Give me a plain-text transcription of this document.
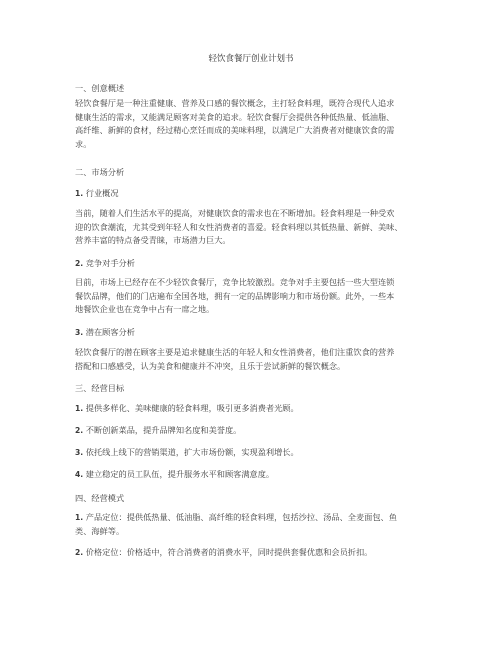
轻饮食餐厅创业计划书
一、创意概述
轻饮食餐厅是一种注重健康、营养及口感的餐饮概念，主打轻食料理，既符合现代人追求
健康生活的需求，又能满足顾客对美食的追求。轻饮食餐厅会提供各种低热量、低油脂、
高纤维、新鲜的食材，经过精心烹饪而成的美味料理，以满足广大消费者对健康饮食的需
求。
二、市场分析
1. 行业概况
当前，随着人们生活水平的提高，对健康饮食的需求也在不断增加。轻食料理是一种受欢
迎的饮食潮流，尤其受到年轻人和女性消费者的喜爱。轻食料理以其低热量、新鲜、美味、
营养丰富的特点备受青睐，市场潜力巨大。
2. 竞争对手分析
目前，市场上已经存在不少轻饮食餐厅，竞争比较激烈。竞争对手主要包括一些大型连锁
餐饮品牌，他们的门店遍布全国各地，拥有一定的品牌影响力和市场份额。此外，一些本
地餐饮企业也在竞争中占有一席之地。
3. 潜在顾客分析
轻饮食餐厅的潜在顾客主要是追求健康生活的年轻人和女性消费者，他们注重饮食的营养
搭配和口感感受，认为美食和健康并不冲突，且乐于尝试新鲜的餐饮概念。
三、经营目标
1. 提供多样化、美味健康的轻食料理，吸引更多消费者光顾。
2. 不断创新菜品，提升品牌知名度和美誉度。
3. 依托线上线下的营销渠道，扩大市场份额，实现盈利增长。
4. 建立稳定的员工队伍，提升服务水平和顾客满意度。
四、经营模式
1. 产品定位：提供低热量、低油脂、高纤维的轻食料理，包括沙拉、汤品、全麦面包、鱼
类、海鲜等。
2. 价格定位：价格适中，符合消费者的消费水平，同时提供套餐优惠和会员折扣。
